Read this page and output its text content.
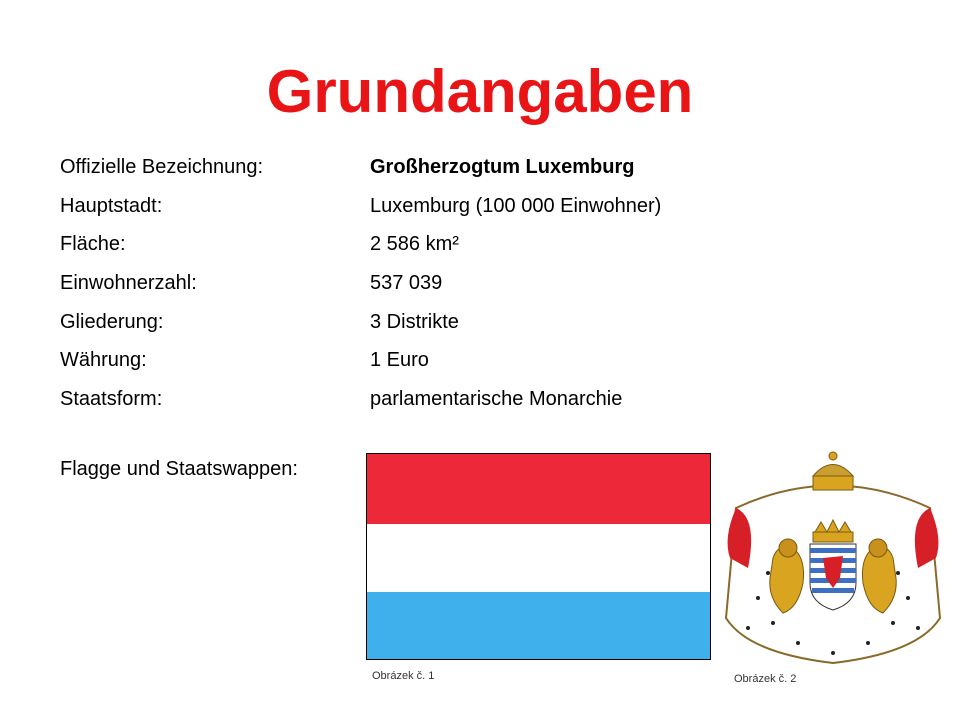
Grundangaben
Offizielle Bezeichnung:	Großherzogtum Luxemburg
Hauptstadt:	Luxemburg (100 000 Einwohner)
Fläche:	2 586 km²
Einwohnerzahl:	537 039
Gliederung:	3 Distrikte
Währung:	1 Euro
Staatsform:	parlamentarische Monarchie
Flagge und Staatswappen:
Obrázek č. 1	Obrázek č. 2
